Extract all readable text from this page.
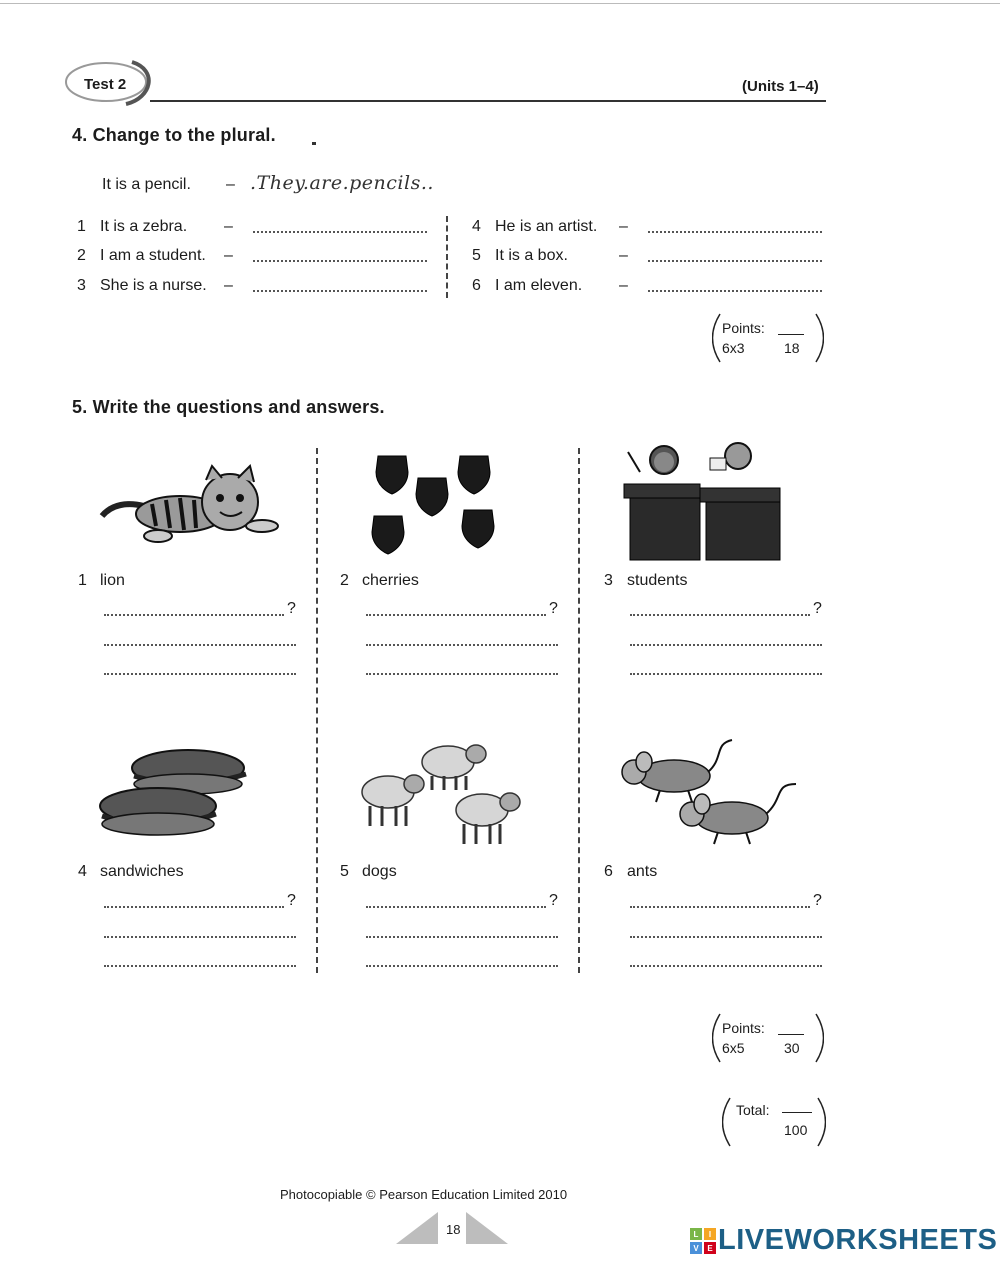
Test 2	(Units 1–4)
4. Change to the plural.
It is a pencil. – .They.are.pencils..
1 It is a zebra. –
2 I am a student. –
3 She is a nurse. –
4 He is an artist. –
5 It is a box.	–
6 I am eleven. –
Points:
6x3	18
5. Write the questions and answers.
1 lion
?
2 cherries
?
3 students
?
4 sandwiches
?
5 dogs
?
6 ants
?
Points:
6x5	30
Total:
100
Photocopiable © Pearson Education Limited 2010
18	L I
V E LIVEWORKSHEETS
